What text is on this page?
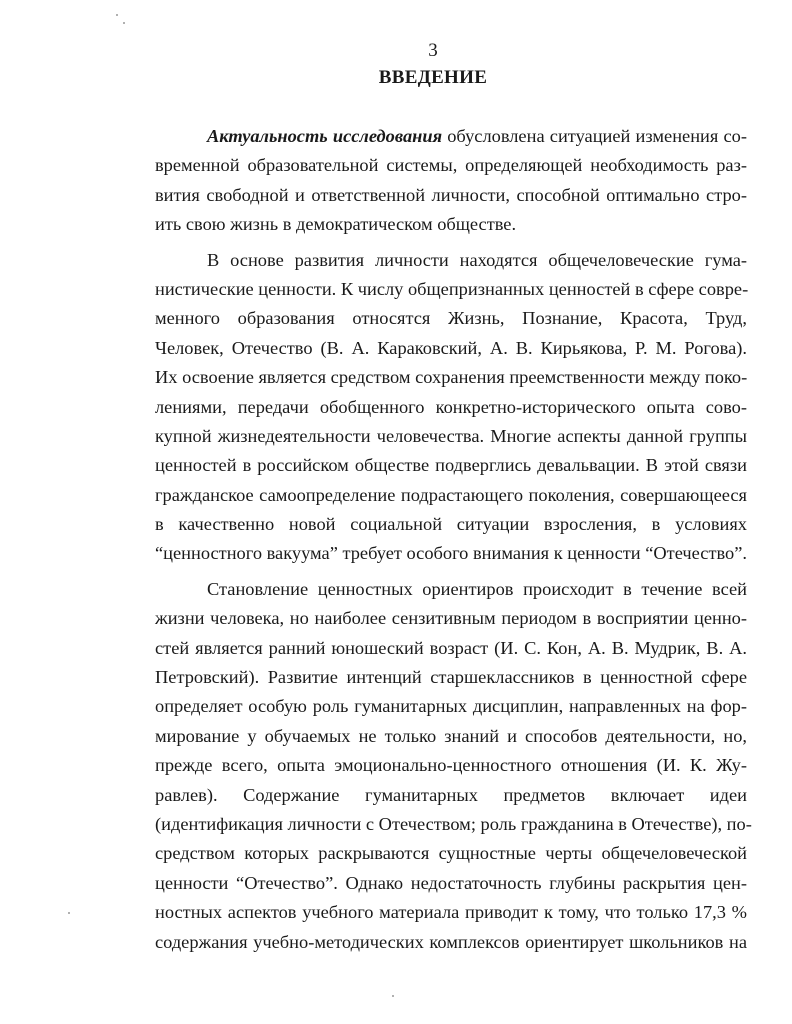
3
ВВЕДЕНИЕ
Актуальность исследования обусловлена ситуацией изменения со-
временной образовательной системы, определяющей необходимость раз-
вития свободной и ответственной личности, способной оптимально стро-
ить свою жизнь в демократическом обществе.
В основе развития личности находятся общечеловеческие гума-
нистические ценности. К числу общепризнанных ценностей в сфере совре-
менного образования относятся Жизнь, Познание, Красота, Труд,
Человек, Отечество (В. А. Караковский, А. В. Кирьякова, Р. М. Рогова).
Их освоение является средством сохранения преемственности между поко-
лениями, передачи обобщенного конкретно-исторического опыта сово-
купной жизнедеятельности человечества. Многие аспекты данной группы
ценностей в российском обществе подверглись девальвации. В этой связи
гражданское самоопределение подрастающего поколения, совершающееся
в качественно новой социальной ситуации взросления, в условиях
“ценностного вакуума” требует особого внимания к ценности “Отечество”.
Становление ценностных ориентиров происходит в течение всей
жизни человека, но наиболее сензитивным периодом в восприятии ценно-
стей является ранний юношеский возраст (И. С. Кон, А. В. Мудрик, В. А.
Петровский). Развитие интенций старшеклассников в ценностной сфере
определяет особую роль гуманитарных дисциплин, направленных на фор-
мирование у обучаемых не только знаний и способов деятельности, но,
прежде всего, опыта эмоционально-ценностного отношения (И. К. Жу-
равлев). Содержание гуманитарных предметов включает идеи
(идентификация личности с Отечеством; роль гражданина в Отечестве), по-
средством которых раскрываются сущностные черты общечеловеческой
ценности “Отечество”. Однако недостаточность глубины раскрытия цен-
ностных аспектов учебного материала приводит к тому, что только 17,3 %
содержания учебно-методических комплексов ориентирует школьников на
